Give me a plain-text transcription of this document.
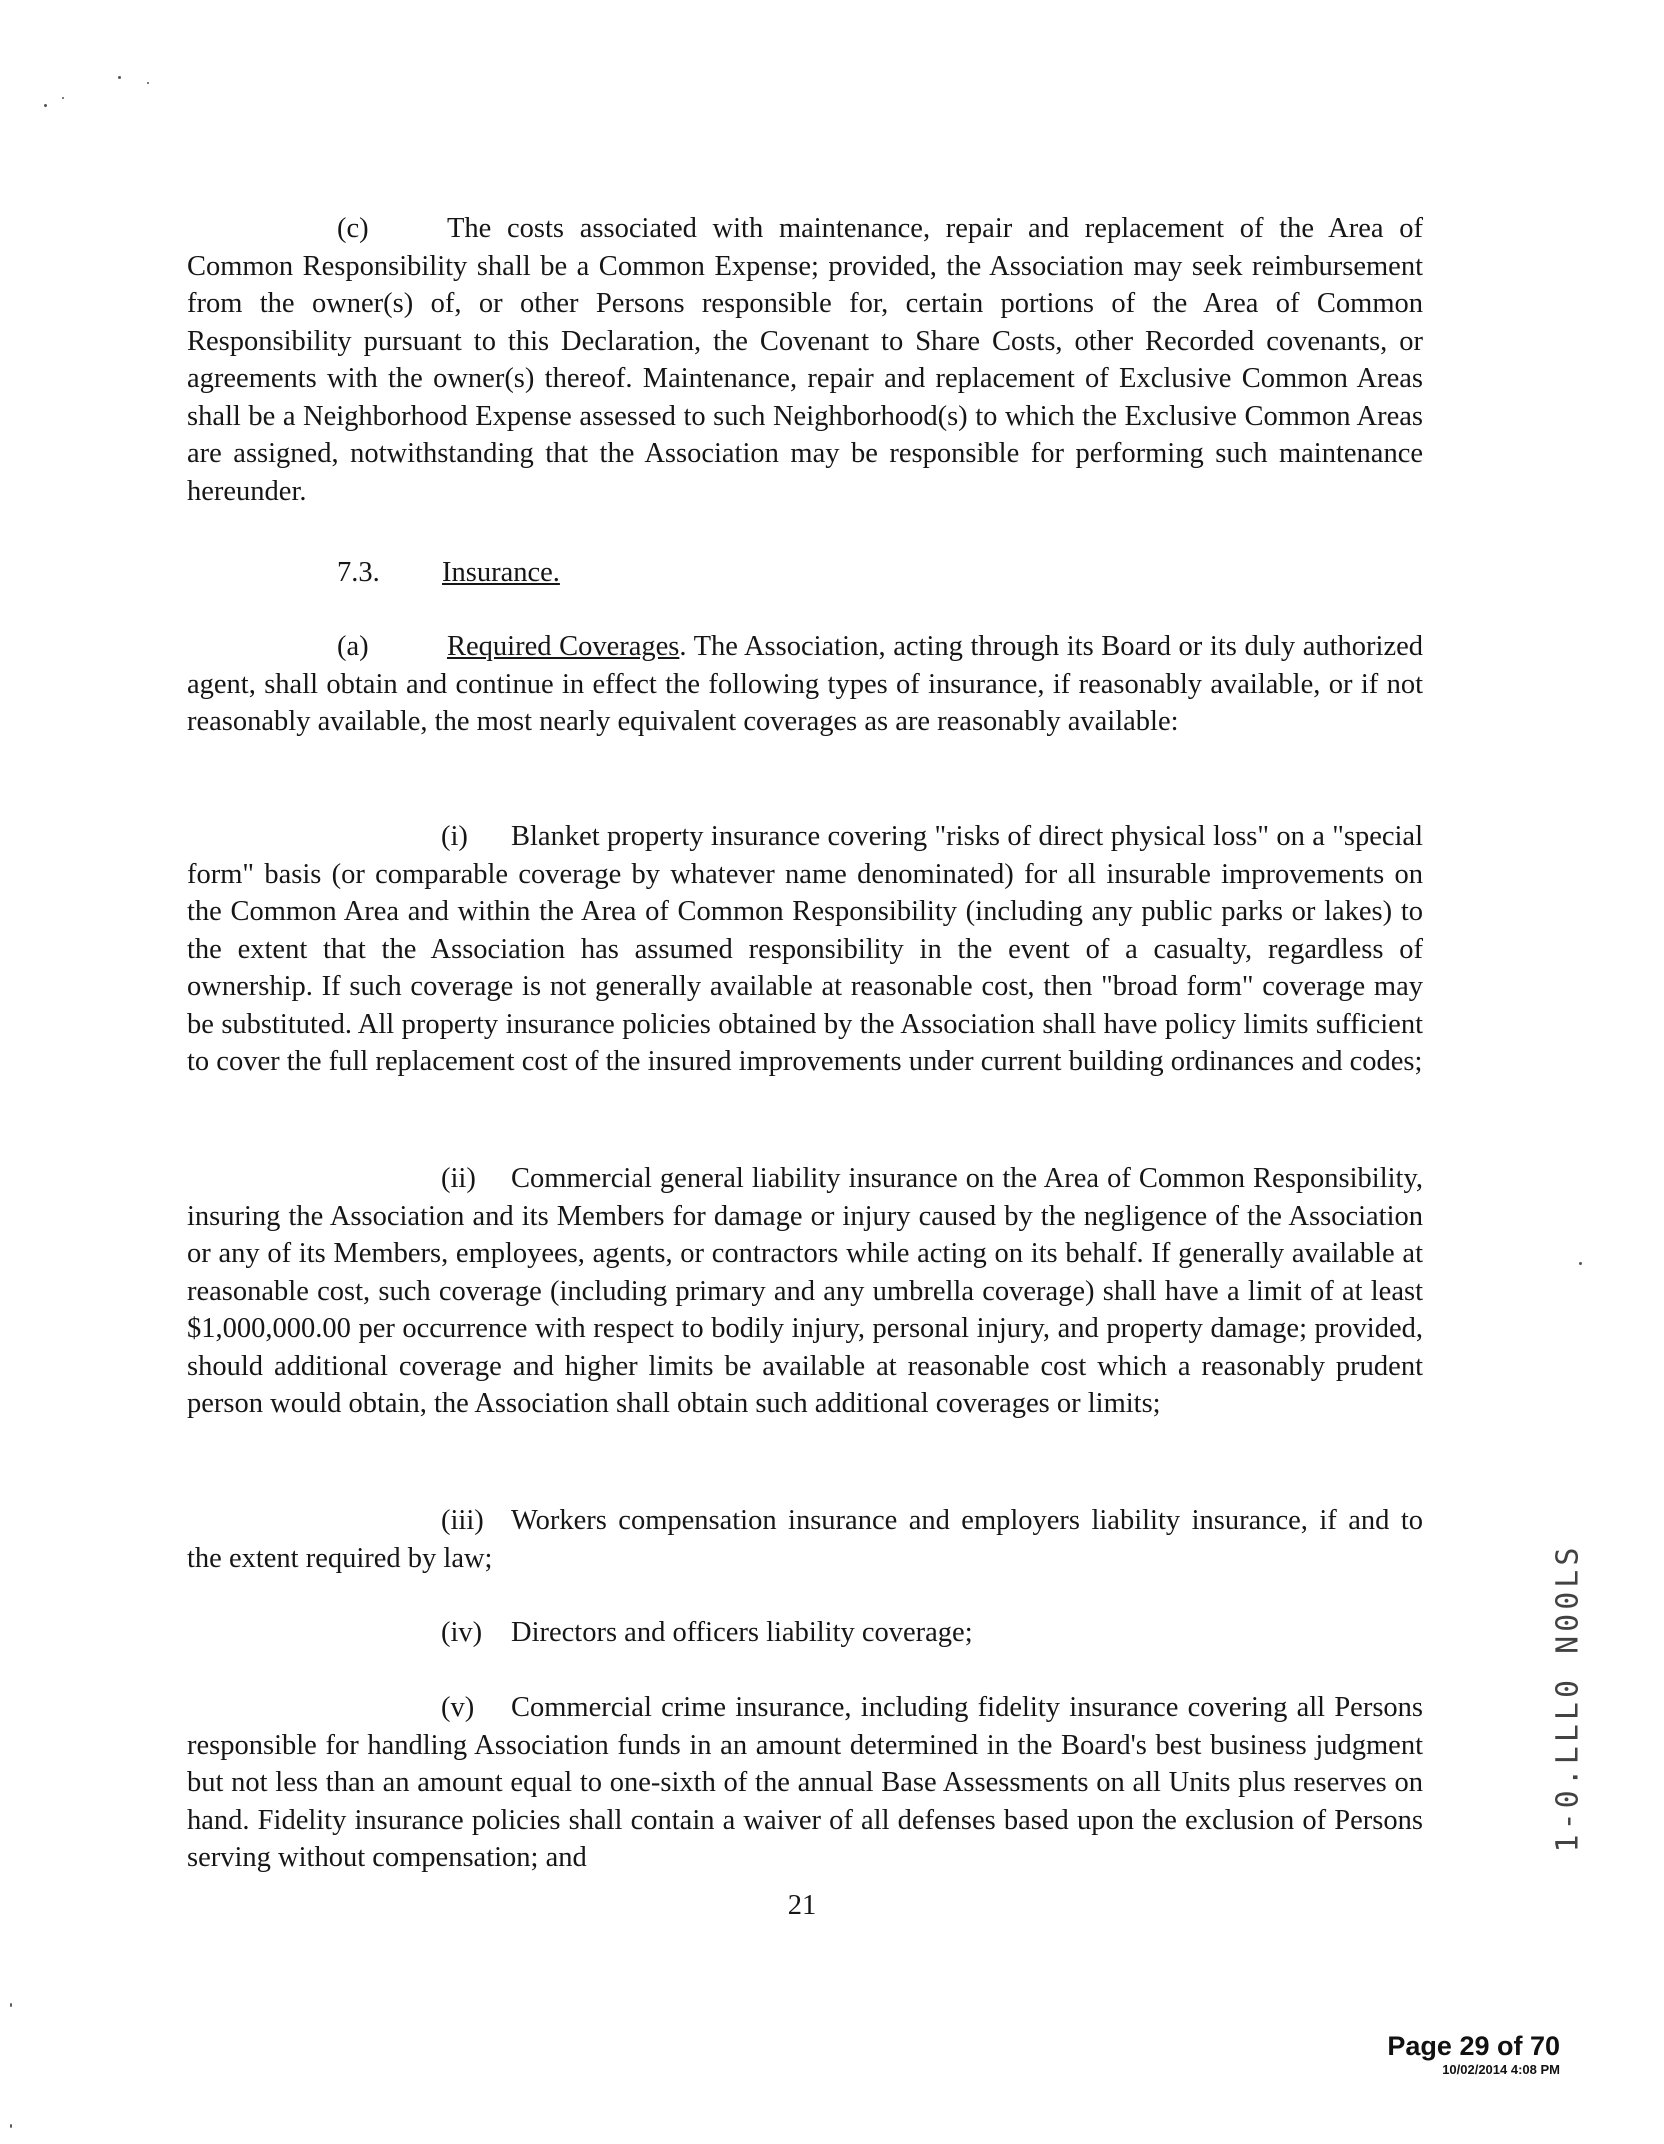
(c)	The costs associated with maintenance, repair and replacement of the Area of Common Responsibility shall be a Common Expense; provided, the Association may seek reimbursement from the owner(s) of, or other Persons responsible for, certain portions of the Area of Common Responsibility pursuant to this Declaration, the Covenant to Share Costs, other Recorded covenants, or agreements with the owner(s) thereof. Maintenance, repair and replacement of Exclusive Common Areas shall be a Neighborhood Expense assessed to such Neighborhood(s) to which the Exclusive Common Areas are assigned, notwithstanding that the Association may be responsible for performing such maintenance hereunder.

7.3. Insurance.

(a)	Required Coverages. The Association, acting through its Board or its duly authorized agent, shall obtain and continue in effect the following types of insurance, if reasonably available, or if not reasonably available, the most nearly equivalent coverages as are reasonably available:

(i) Blanket property insurance covering "risks of direct physical loss" on a "special form" basis (or comparable coverage by whatever name denominated) for all insurable improvements on the Common Area and within the Area of Common Responsibility (including any public parks or lakes) to the extent that the Association has assumed responsibility in the event of a casualty, regardless of ownership. If such coverage is not generally available at reasonable cost, then "broad form" coverage may be substituted. All property insurance policies obtained by the Association shall have policy limits sufficient to cover the full replacement cost of the insured improvements under current building ordinances and codes;

(ii) Commercial general liability insurance on the Area of Common Responsibility, insuring the Association and its Members for damage or injury caused by the negligence of the Association or any of its Members, employees, agents, or contractors while acting on its behalf. If generally available at reasonable cost, such coverage (including primary and any umbrella coverage) shall have a limit of at least $1,000,000.00 per occurrence with respect to bodily injury, personal injury, and property damage; provided, should additional coverage and higher limits be available at reasonable cost which a reasonably prudent person would obtain, the Association shall obtain such additional coverages or limits;

(iii) Workers compensation insurance and employers liability insurance, if and to the extent required by law;

(iv) Directors and officers liability coverage;

(v) Commercial crime insurance, including fidelity insurance covering all Persons responsible for handling Association funds in an amount determined in the Board's best business judgment but not less than an amount equal to one-sixth of the annual Base Assessments on all Units plus reserves on hand. Fidelity insurance policies shall contain a waiver of all defenses based upon the exclusion of Persons serving without compensation; and

21
1-0.LLL0 N00LS
Page 29 of 70
10/02/2014 4:08 PM
